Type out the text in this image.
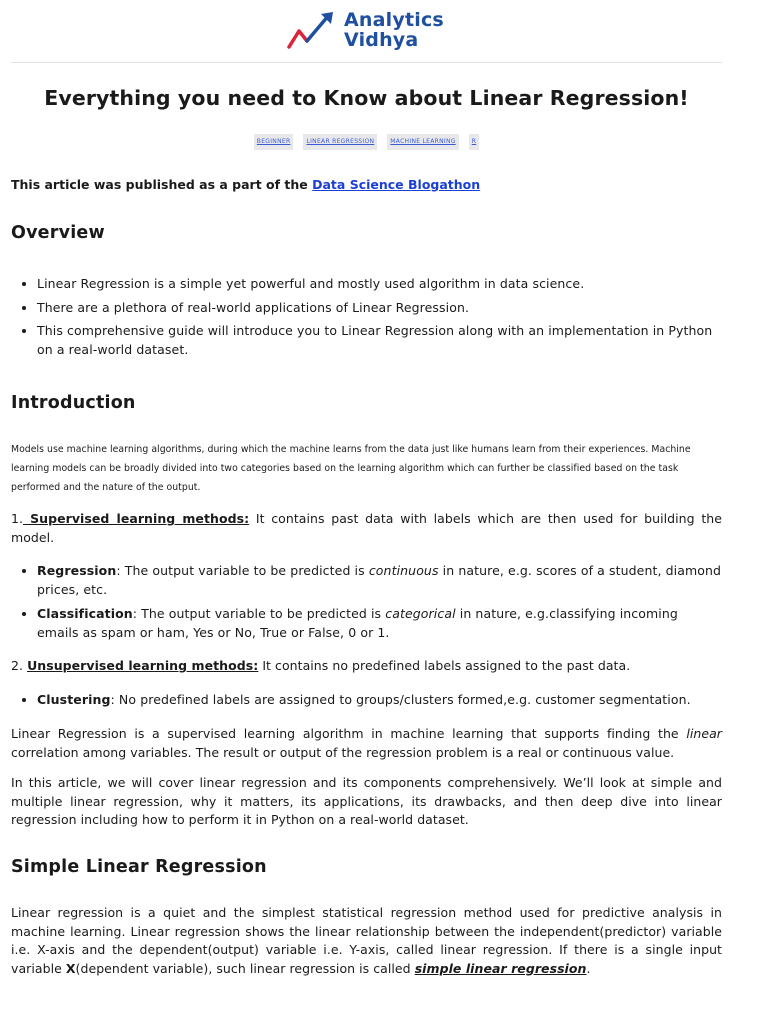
Analytics
Vidhya
Everything you need to Know about Linear Regression!
BEGINNER	LINEAR REGRESSION	MACHINE LEARNING	R

This article was published as a part of the Data Science Blogathon

Overview
• Linear Regression is a simple yet powerful and mostly used algorithm in data science.
• There are a plethora of real-world applications of Linear Regression.
• This comprehensive guide will introduce you to Linear Regression along with an implementation in Python on a real-world dataset.
Introduction

Models use machine learning algorithms, during which the machine learns from the data just like humans learn from their experiences. Machine learning models can be broadly divided into two categories based on the learning algorithm which can further be classified based on the task performed and the nature of the output.

1. Supervised learning methods: It contains past data with labels which are then used for building the model.

• Regression: The output variable to be predicted is continuous in nature, e.g. scores of a student, diamond prices, etc.
• Classification: The output variable to be predicted is categorical in nature, e.g.classifying incoming emails as spam or ham, Yes or No, True or False, 0 or 1.

2. Unsupervised learning methods: It contains no predefined labels assigned to the past data.

• Clustering: No predefined labels are assigned to groups/clusters formed,e.g. customer segmentation.

Linear Regression is a supervised learning algorithm in machine learning that supports finding the linear correlation among variables. The result or output of the regression problem is a real or continuous value.

In this article, we will cover linear regression and its components comprehensively. We’ll look at simple and multiple linear regression, why it matters, its applications, its drawbacks, and then deep dive into linear regression including how to perform it in Python on a real-world dataset.

Simple Linear Regression

Linear regression is a quiet and the simplest statistical regression method used for predictive analysis in machine learning. Linear regression shows the linear relationship between the independent(predictor) variable i.e. X-axis and the dependent(output) variable i.e. Y-axis, called linear regression. If there is a single input variable X(dependent variable), such linear regression is called simple linear regression.
